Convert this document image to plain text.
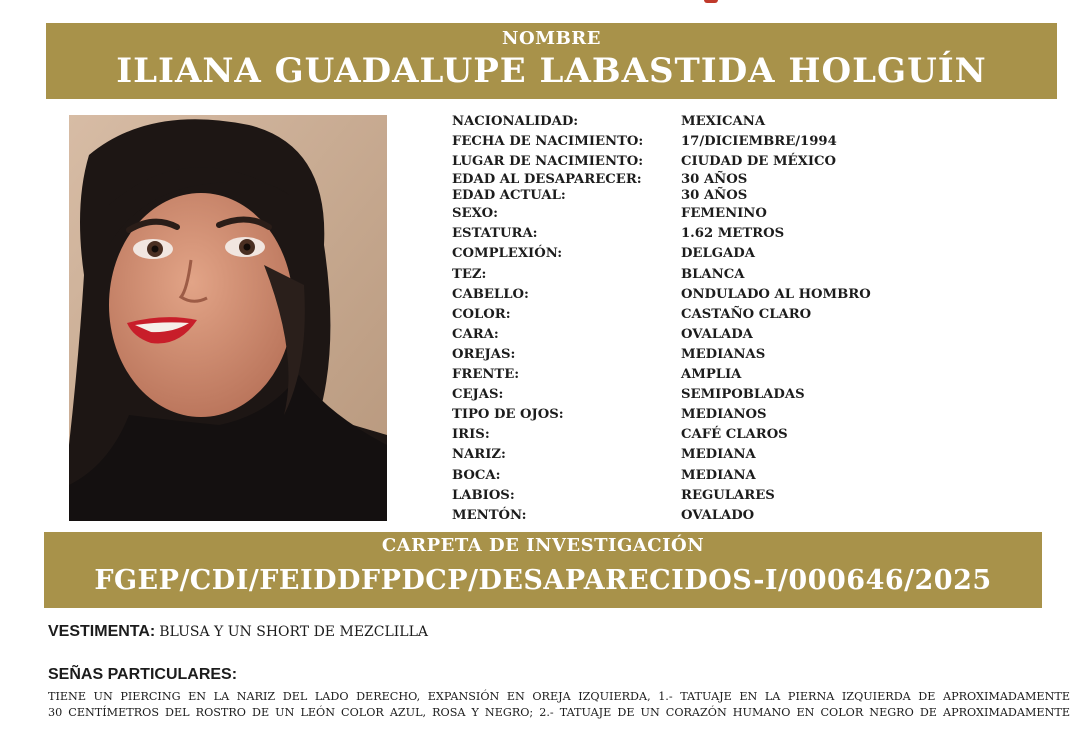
NOMBRE
ILIANA GUADALUPE LABASTIDA HOLGUÍN
NACIONALIDAD:	MEXICANA
FECHA DE NACIMIENTO:	17/DICIEMBRE/1994
LUGAR DE NACIMIENTO:	CIUDAD DE MÉXICO
EDAD AL DESAPARECER:	30 AÑOS
EDAD ACTUAL:	30 AÑOS
SEXO:	FEMENINO
ESTATURA:	1.62 METROS
COMPLEXIÓN:	DELGADA
TEZ:	BLANCA
CABELLO:	ONDULADO AL HOMBRO
COLOR:	CASTAÑO CLARO
CARA:	OVALADA
OREJAS:	MEDIANAS
FRENTE:	AMPLIA
CEJAS:	SEMIPOBLADAS
TIPO DE OJOS:	MEDIANOS
IRIS:	CAFÉ CLAROS
NARIZ:	MEDIANA
BOCA:	MEDIANA
LABIOS:	REGULARES
MENTÓN:	OVALADO
CARPETA DE INVESTIGACIÓN
FGEP/CDI/FEIDDFPDCP/DESAPARECIDOS-I/000646/2025
VESTIMENTA: BLUSA Y UN SHORT DE MEZCLILLA
SEÑAS PARTICULARES:
TIENE UN PIERCING EN LA NARIZ DEL LADO DERECHO, EXPANSIÓN EN OREJA IZQUIERDA, 1.- TATUAJE EN LA PIERNA IZQUIERDA DE APROXIMADAMENTE
30 CENTÍMETROS DEL ROSTRO DE UN LEÓN COLOR AZUL, ROSA Y NEGRO; 2.- TATUAJE DE UN CORAZÓN HUMANO EN COLOR NEGRO DE APROXIMADAMENTE
